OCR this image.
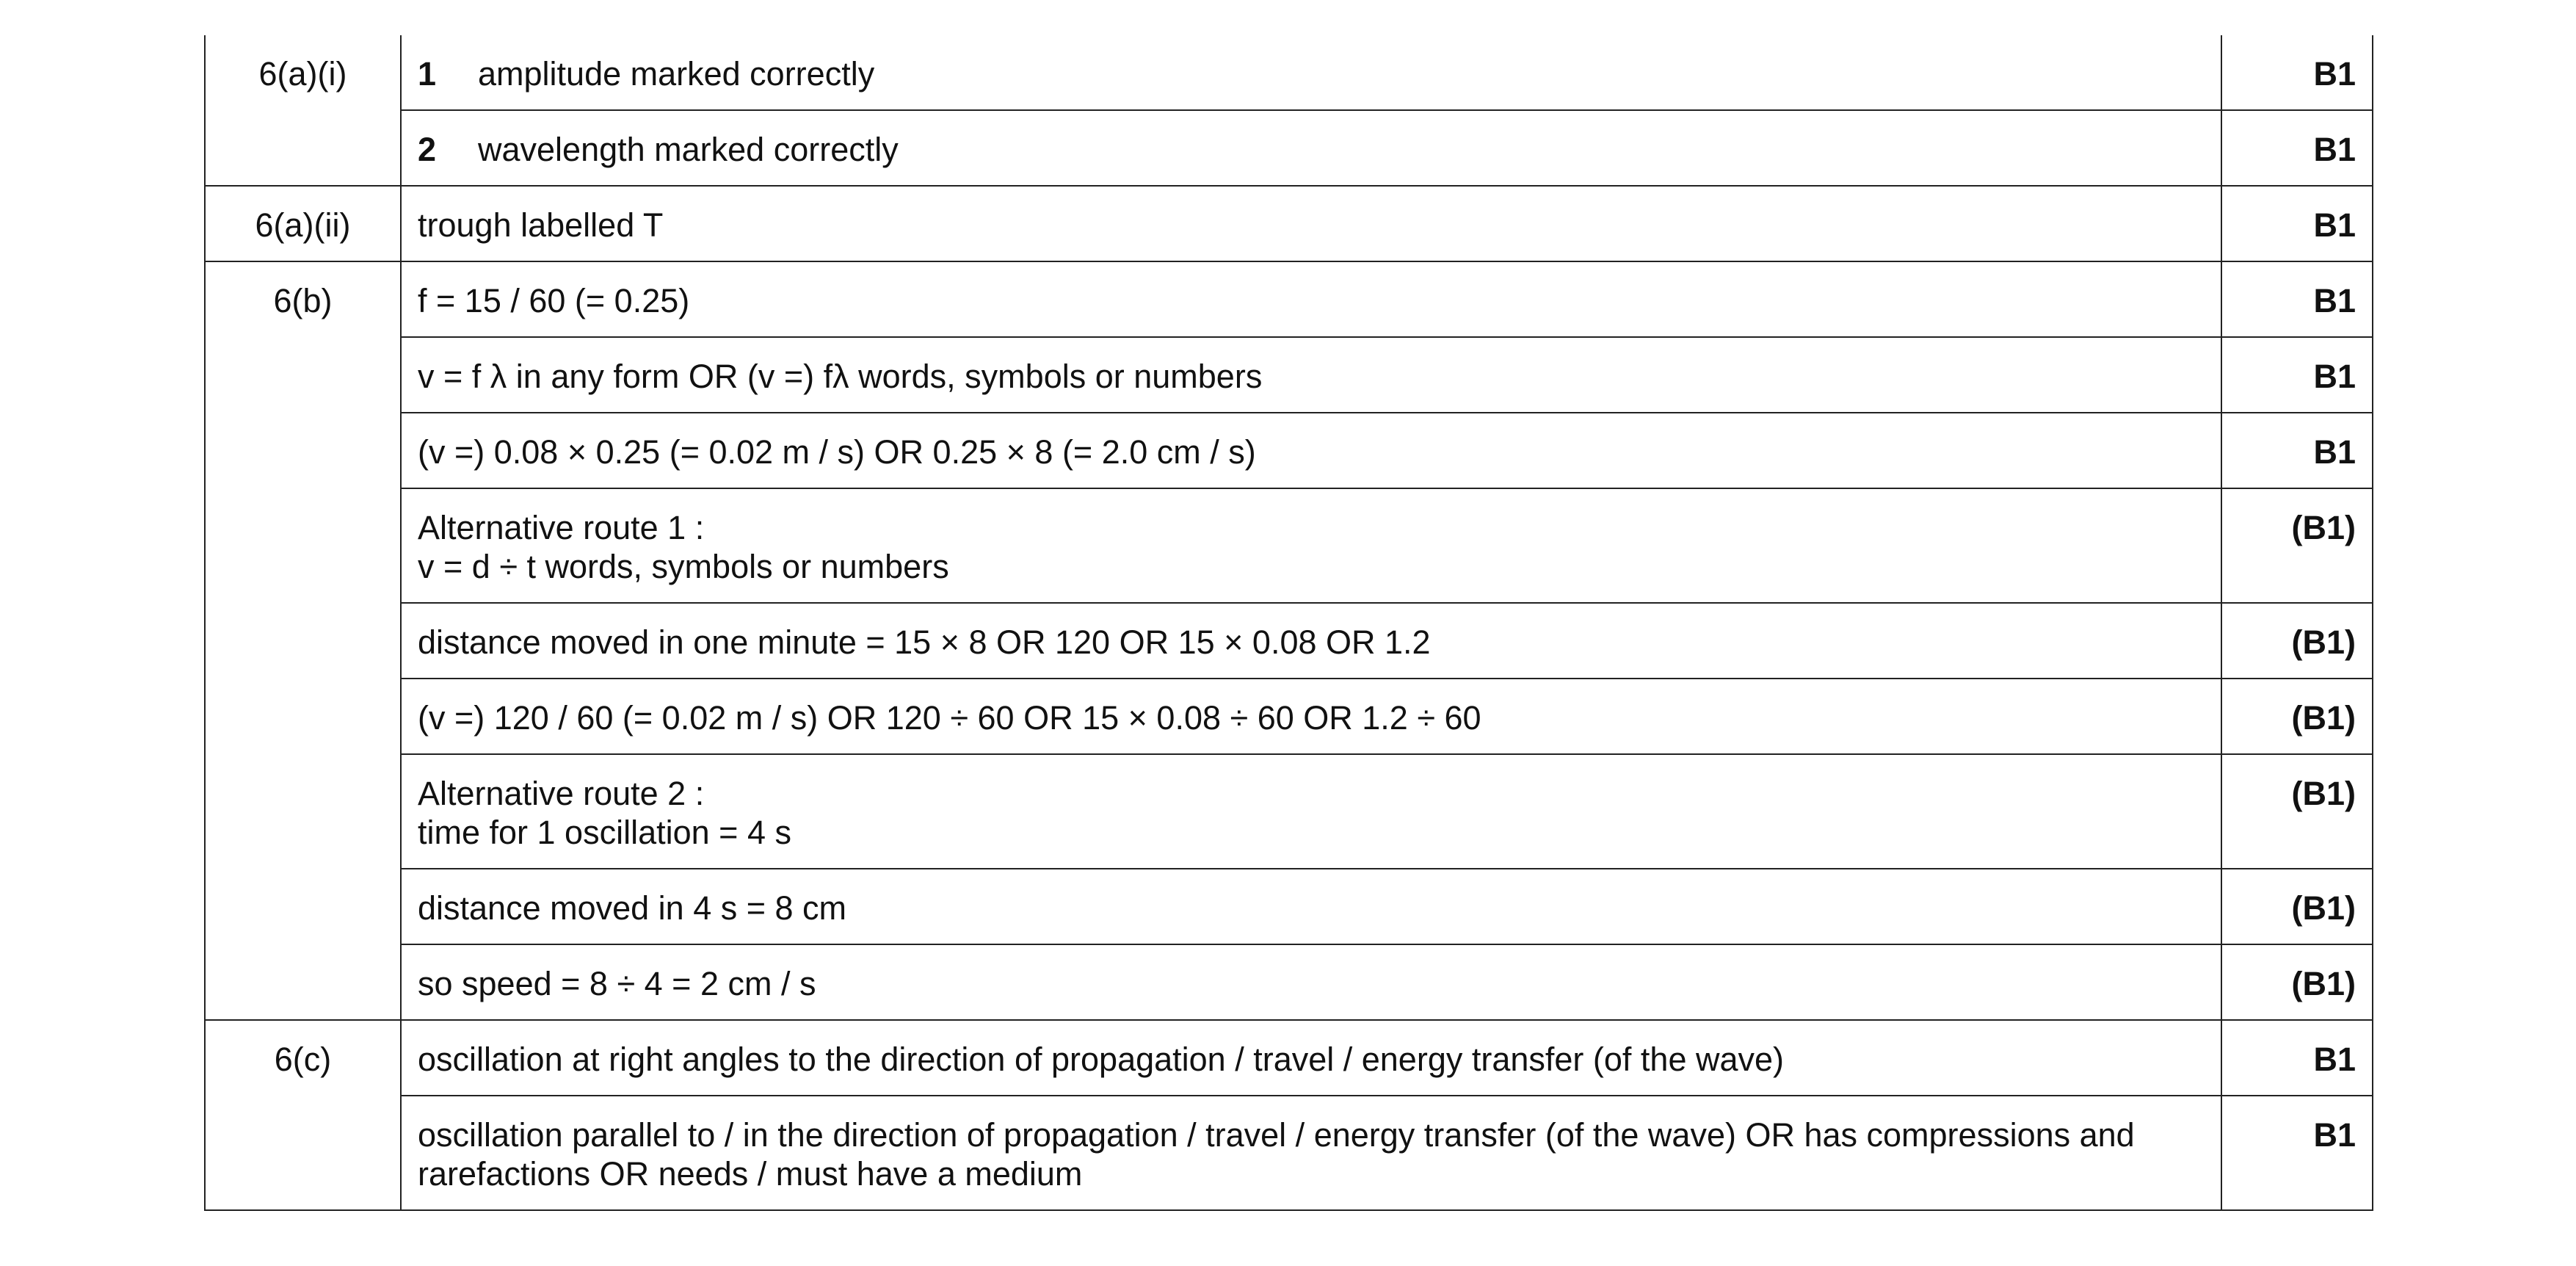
6(a)(i)	1 amplitude marked correctly	B1
	2 wavelength marked correctly	B1
6(a)(ii)	trough labelled T	B1
6(b)	f = 15 / 60 (= 0.25)	B1
	v = f λ in any form OR (v =) fλ words, symbols or numbers	B1
	(v =) 0.08 × 0.25 (= 0.02 m / s) OR 0.25 × 8 (= 2.0 cm / s)	B1

	Alternative route 1 :
v = d ÷ t words, symbols or numbers	(B1)
	distance moved in one minute = 15 × 8 OR 120 OR 15 × 0.08 OR 1.2	(B1)
	(v =) 120 / 60 (= 0.02 m / s) OR 120 ÷ 60 OR 15 × 0.08 ÷ 60 OR 1.2 ÷ 60	(B1)

	Alternative route 2 :
time for 1 oscillation = 4 s	(B1)
	distance moved in 4 s = 8 cm	(B1)
	so speed = 8 ÷ 4 = 2 cm / s	(B1)
6(c)	oscillation at right angles to the direction of propagation / travel / energy transfer (of the wave)	B1

	oscillation parallel to / in the direction of propagation / travel / energy transfer (of the wave) OR has compressions and
rarefactions OR needs / must have a medium	B1
